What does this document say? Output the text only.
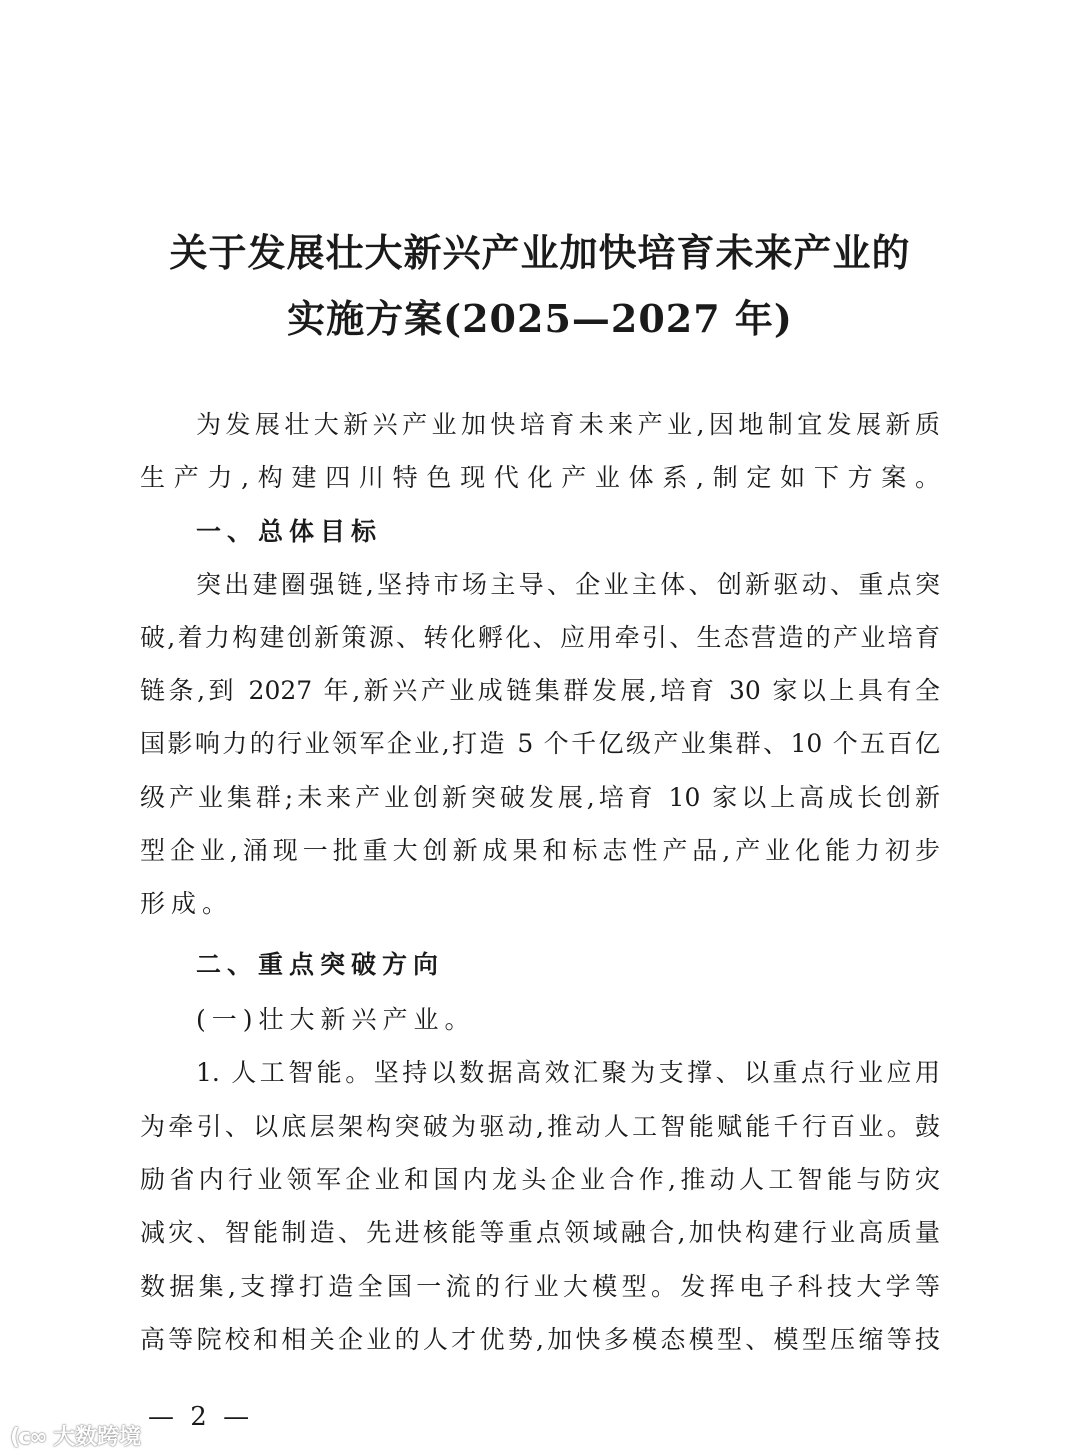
关于发展壮大新兴产业加快培育未来产业的
实施方案(2025—2027 年)
为发展壮大新兴产业加快培育未来产业,因地制宜发展新质
生产力,构建四川特色现代化产业体系,制定如下方案。
一、总体目标
突出建圈强链,坚持市场主导、企业主体、创新驱动、重点突
破,着力构建创新策源、转化孵化、应用牵引、生态营造的产业培育
链条,到 2027 年,新兴产业成链集群发展,培育 30 家以上具有全
国影响力的行业领军企业,打造 5 个千亿级产业集群、10 个五百亿
级产业集群;未来产业创新突破发展,培育 10 家以上高成长创新
型企业,涌现一批重大创新成果和标志性产品,产业化能力初步
形成。
二、重点突破方向
(一)壮大新兴产业。
1. 人工智能。坚持以数据高效汇聚为支撑、以重点行业应用
为牵引、以底层架构突破为驱动,推动人工智能赋能千行百业。鼓
励省内行业领军企业和国内龙头企业合作,推动人工智能与防灾
减灾、智能制造、先进核能等重点领域融合,加快构建行业高质量
数据集,支撑打造全国一流的行业大模型。发挥电子科技大学等
高等院校和相关企业的人才优势,加快多模态模型、模型压缩等技
— 2 —
(c∞ 大数跨境
